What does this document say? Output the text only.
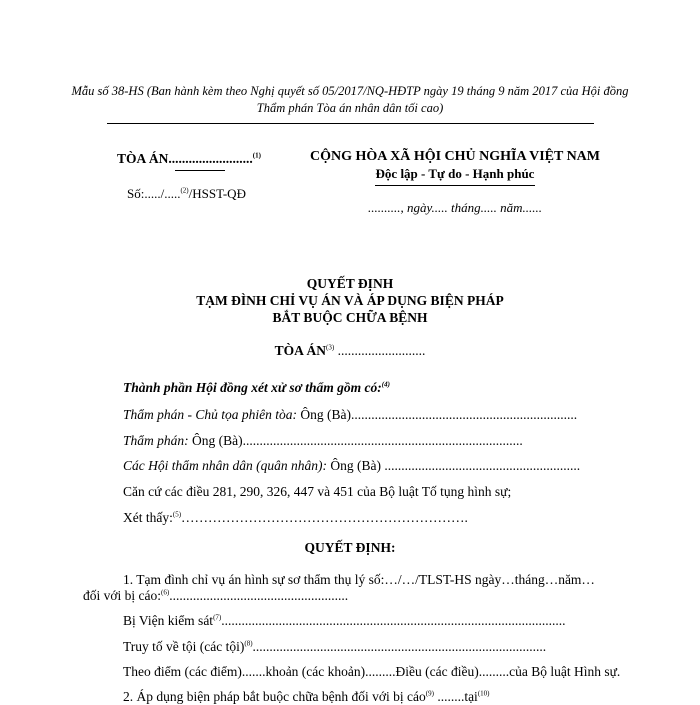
Mẫu số 38-HS (Ban hành kèm theo Nghị quyết số 05/2017/NQ-HĐTP ngày 19 tháng 9 năm 2017 của Hội đồng Thẩm phán Tòa án nhân dân tối cao)
TÒA ÁN.........................$^{(1)}$
Số:...../.....$^{(2)}$/HSST-QĐ
CỘNG HÒA XÃ HỘI CHỦ NGHĨA VIỆT NAM
Độc lập - Tự do - Hạnh phúc
.........., ngày..... tháng..... năm......
QUYẾT ĐỊNH
TẠM ĐÌNH CHỈ VỤ ÁN VÀ ÁP DỤNG BIỆN PHÁP
BẮT BUỘC CHỮA BỆNH
TÒA ÁN$^{(3)}$ ..........................
Thành phần Hội đồng xét xử sơ thẩm gồm có:$^{(4)}$
Thẩm phán - Chủ tọa phiên tòa: Ông (Bà)...................................................................
Thẩm phán: Ông (Bà)...................................................................................
Các Hội thẩm nhân dân (quân nhân): Ông (Bà) ..........................................................
Căn cứ các điều 281, 290, 326, 447 và 451 của Bộ luật Tố tụng hình sự;
Xét thấy:$^{(5)}$……………………………………………………….
QUYẾT ĐỊNH:
1. Tạm đình chỉ vụ án hình sự sơ thẩm thụ lý số:…/…/TLST-HS ngày…tháng…năm…
đối với bị cáo:$^{(6)}$.....................................................
Bị Viện kiểm sát$^{(7)}$......................................................................................................
Truy tố về tội (các tội)$^{(8)}$.......................................................................................
Theo điểm (các điểm).......khoản (các khoản).........Điều (các điều).........của Bộ luật Hình sự.
2. Áp dụng biện pháp bắt buộc chữa bệnh đối với bị cáo$^{(9)}$ ........tại$^{(10)}$
